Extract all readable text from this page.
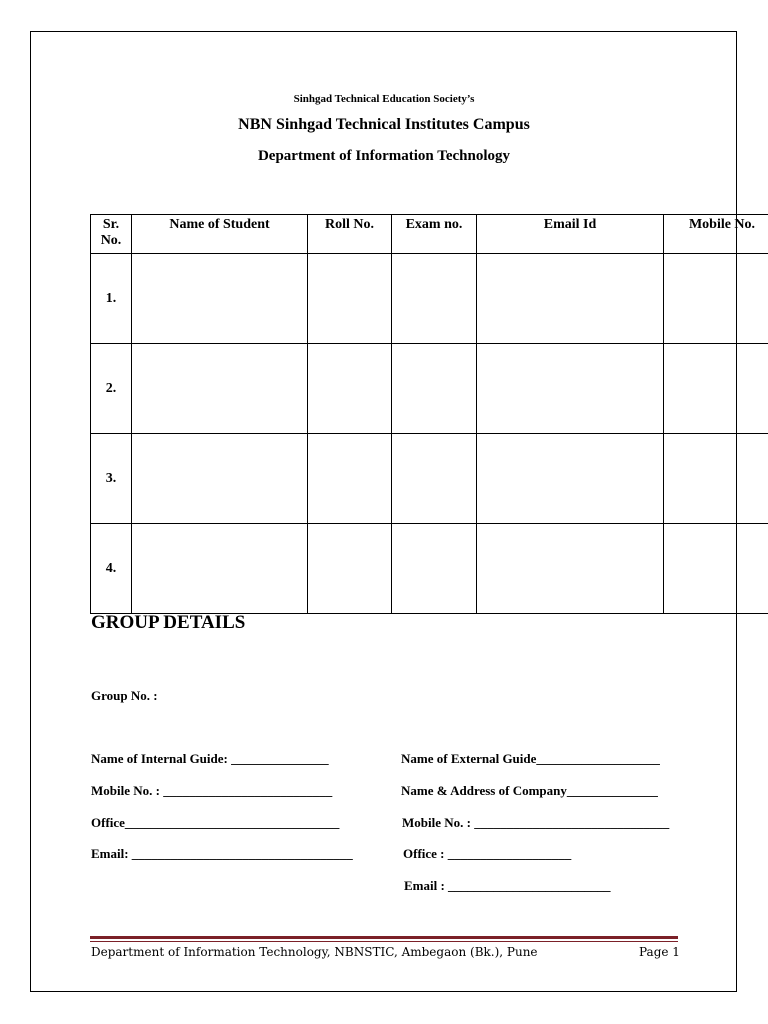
Sinhgad Technical Education Society’s
NBN Sinhgad Technical Institutes Campus
Department of Information Technology
Sr. No.	Name of Student	Roll No.	Exam no.	Email Id	Mobile No.
1.					
2.					
3.					
4.					
GROUP DETAILS
Group No. :
Name of Internal Guide: _______________
Mobile No. : __________________________
Office_________________________________
Email: __________________________________
Name of External Guide___________________
Name & Address of Company______________
Mobile No. : ______________________________
Office : ___________________
Email : _________________________
Department of Information Technology, NBNSTIC, Ambegaon (Bk.), Pune	Page 1
